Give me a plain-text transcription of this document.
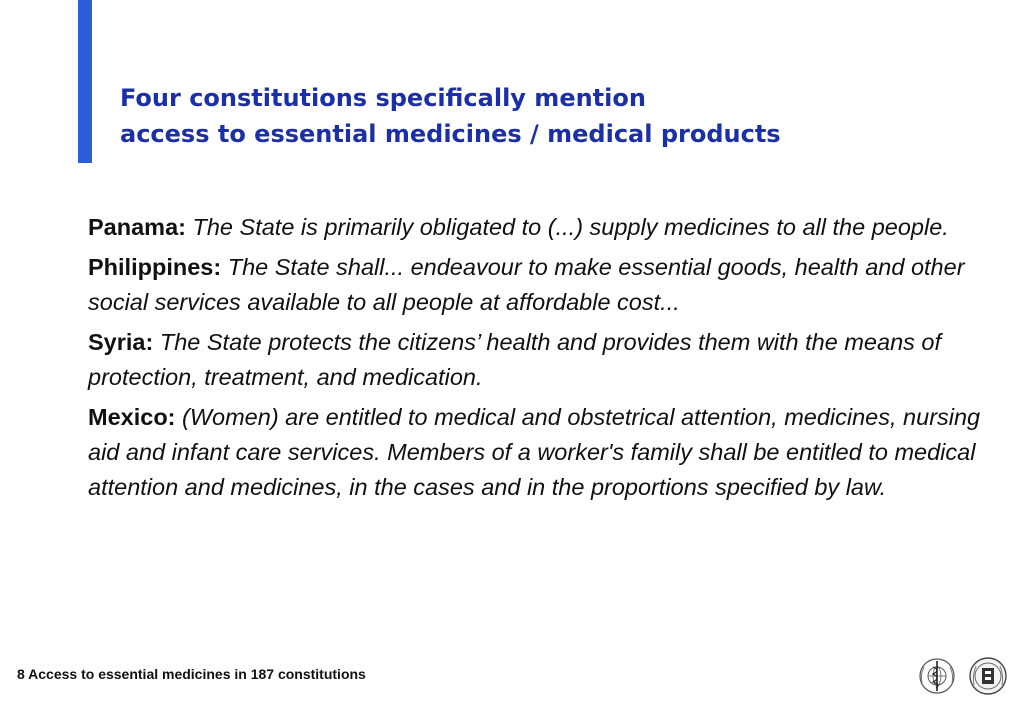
Four constitutions specifically mention
access to essential medicines / medical products

Panama: The State is primarily obligated to (...) supply medicines to all the people.

Philippines: The State shall... endeavour to make essential goods, health and other social services available to all people at affordable cost...

Syria: The State protects the citizens’ health and provides them with the means of protection, treatment, and medication.

Mexico: (Women) are entitled to medical and obstetrical attention, medicines, nursing aid and infant care services. Members of a worker's family shall be entitled to medical attention and medicines, in the cases and in the proportions specified by law.

8 Access to essential medicines in 187 constitutions
